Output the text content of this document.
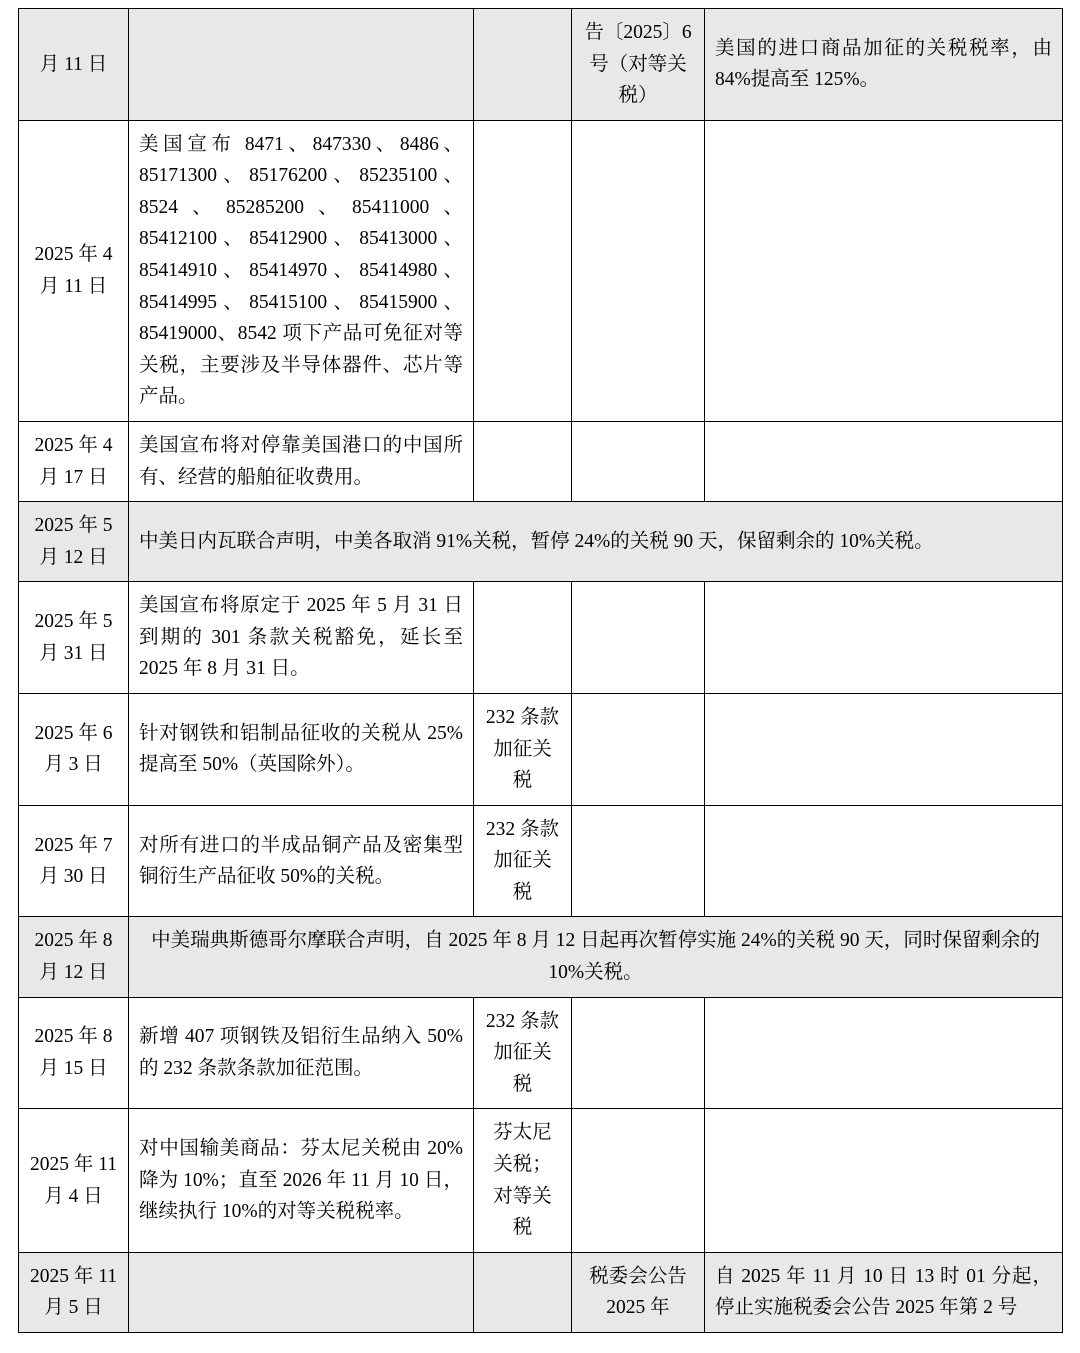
月 11 日			告〔2025〕6 号（对等关税）	美国的进口商品加征的关税税率，由 84%提高至 125%。
2025 年 4 月 11 日	美国宣布 8471、847330、8486、85171300、85176200、85235100、8524、85285200、85411000、85412100、85412900、85413000、85414910、85414970、85414980、85414995、85415100、85415900、85419000、8542 项下产品可免征对等关税，主要涉及半导体器件、芯片等产品。			
2025 年 4 月 17 日	美国宣布将对停靠美国港口的中国所有、经营的船舶征收费用。			
2025 年 5 月 12 日	中美日内瓦联合声明，中美各取消 91%关税，暂停 24%的关税 90 天，保留剩余的 10%关税。			
2025 年 5 月 31 日	美国宣布将原定于 2025 年 5 月 31 日到期的 301 条款关税豁免，延长至 2025 年 8 月 31 日。			
2025 年 6 月 3 日	针对钢铁和铝制品征收的关税从 25%提高至 50%（英国除外）。	232 条款加征关税		
2025 年 7 月 30 日	对所有进口的半成品铜产品及密集型铜衍生产品征收 50%的关税。	232 条款加征关税		
2025 年 8 月 12 日	中美瑞典斯德哥尔摩联合声明，自 2025 年 8 月 12 日起再次暂停实施 24%的关税 90 天，同时保留剩余的 10%关税。			
2025 年 8 月 15 日	新增 407 项钢铁及铝衍生品纳入 50%的 232 条款条款加征范围。	232 条款加征关税		
2025 年 11 月 4 日	对中国输美商品：芬太尼关税由 20%降为 10%；直至 2026 年 11 月 10 日，继续执行 10%的对等关税税率。	芬太尼关税；对等关税		
2025 年 11 月 5 日			税委会公告 2025 年	自 2025 年 11 月 10 日 13 时 01 分起，停止实施税委会公告 2025 年第 2 号
